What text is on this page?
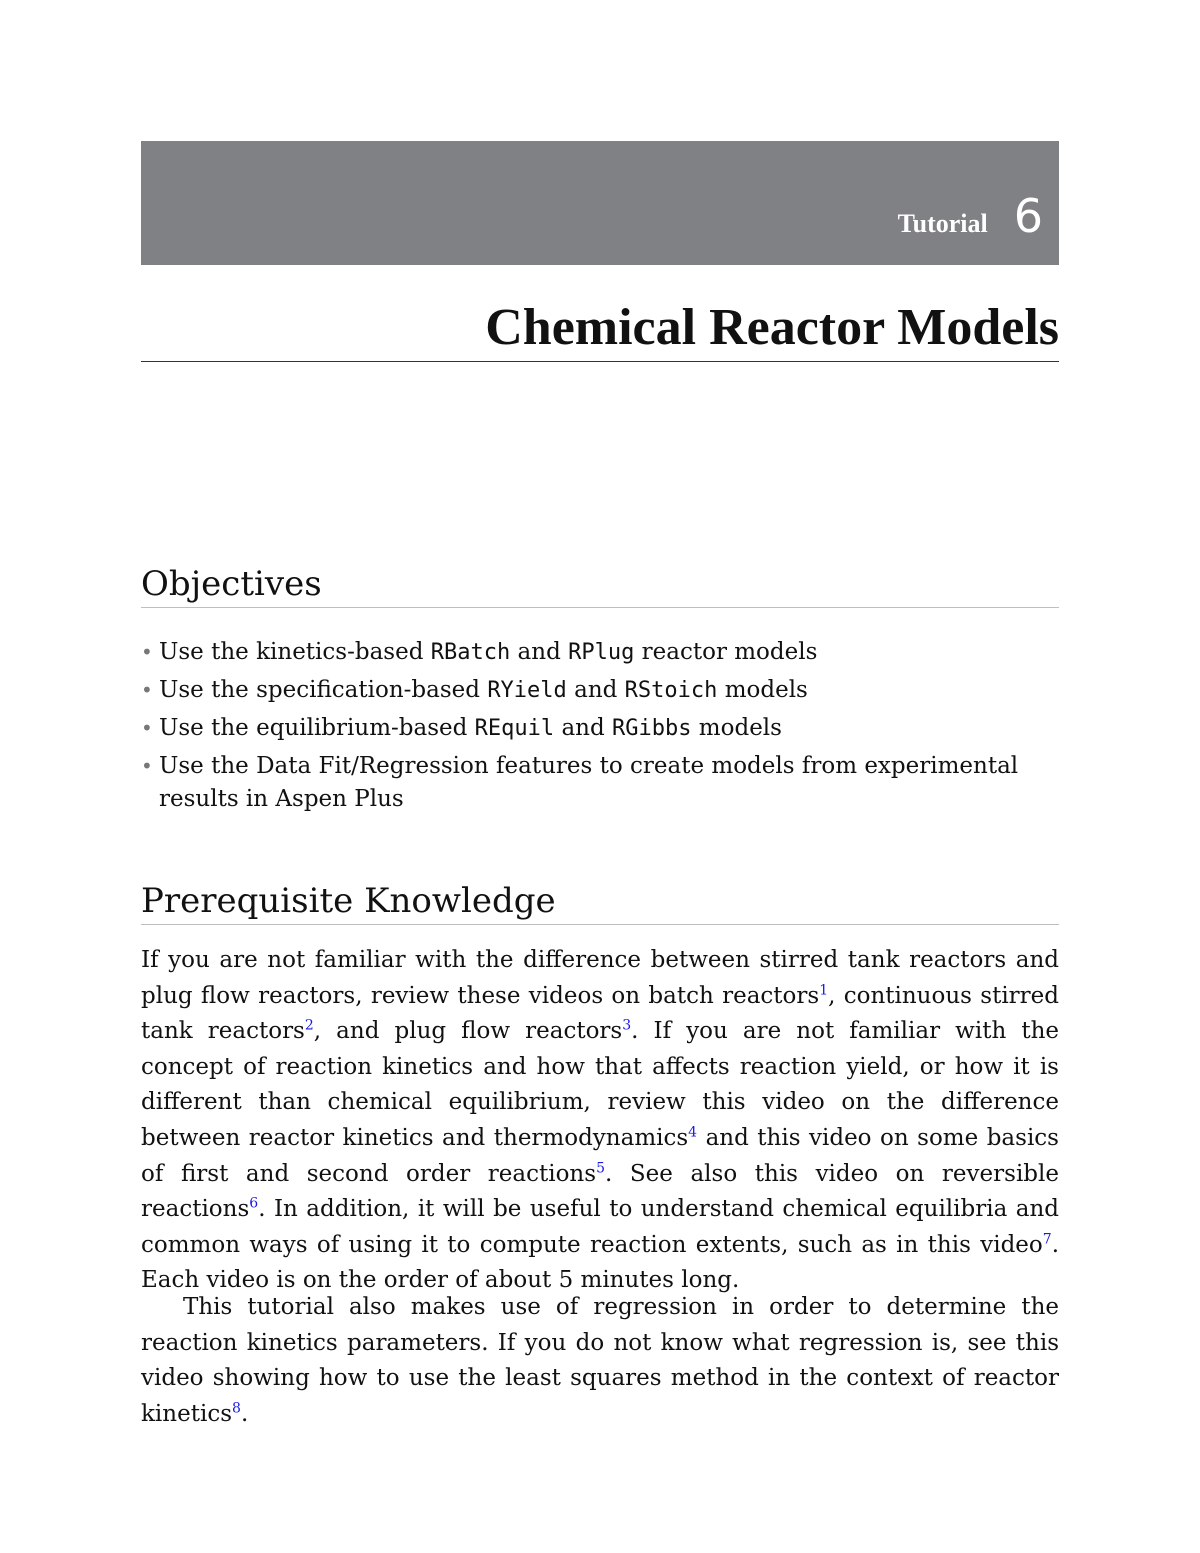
Tutorial 6
Chemical Reactor Models
Objectives
• Use the kinetics-based RBatch and RPlug reactor models
• Use the specification-based RYield and RStoich models
• Use the equilibrium-based REquil and RGibbs models
• Use the Data Fit/Regression features to create models from experimental results in Aspen Plus
Prerequisite Knowledge

If you are not familiar with the difference between stirred tank reactors and plug flow reactors, review these videos on batch reactors$^1$, continuous stirred tank reactors$^2$, and plug flow reactors$^3$. If you are not familiar with the concept of reaction kinetics and how that affects reaction yield, or how it is different than chemical equilibrium, review this video on the difference between reactor kinetics and thermodynamics$^4$ and this video on some basics of first and second order reactions$^5$. See also this video on reversible reactions$^6$. In addition, it will be useful to understand chemical equilibria and common ways of using it to compute reaction extents, such as in this video$^7$. Each video is on the order of about 5 minutes long.

This tutorial also makes use of regression in order to determine the reaction kinetics parameters. If you do not know what regression is, see this video showing how to use the least squares method in the context of reactor kinetics$^8$.
